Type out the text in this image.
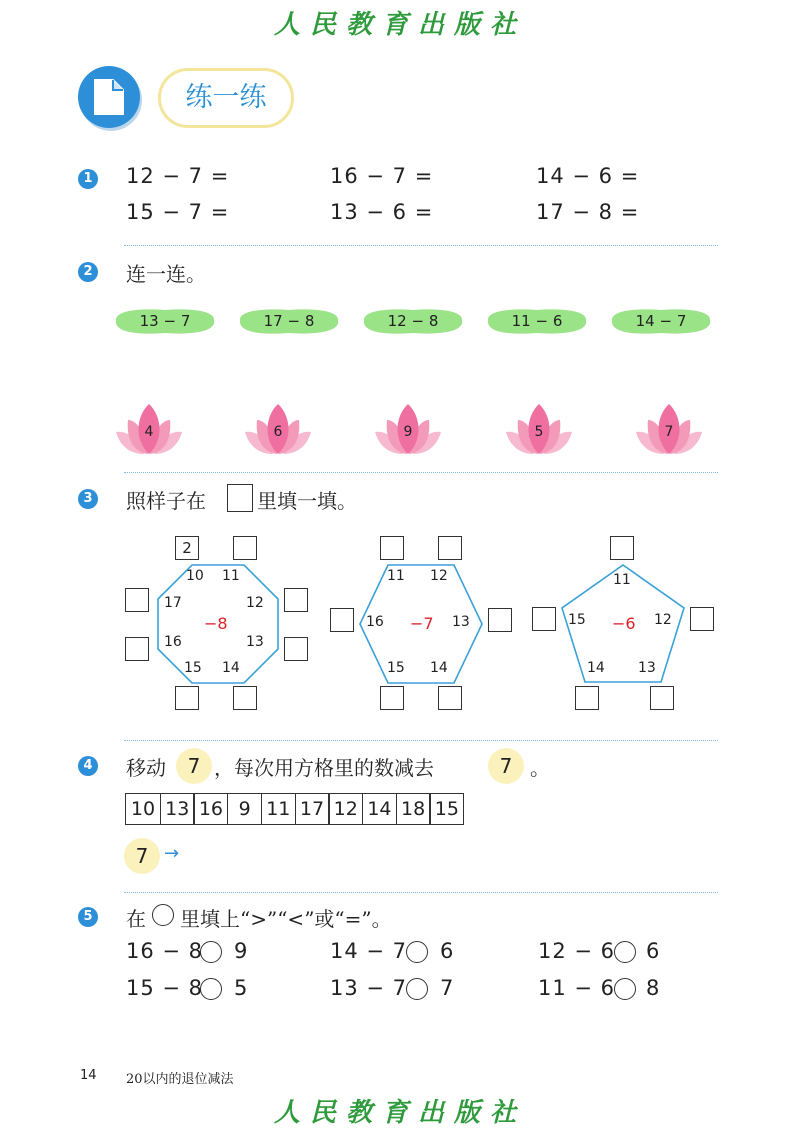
人民教育出版社
练一练
1 12 − 7 =	16 − 7 =	14 − 6 =
15 − 7 =	13 − 6 =	17 − 8 =
2 连一连。
13 − 7	17 − 8	12 − 8	11 − 6	14 − 7
4	6	9	5	7
3 照样子在	里填一填。
10 11
12
13
14
15
16
17
−8
2
11 12
13
14
15
16 −7
11
12
13
14
15 −6
4 移动	7 ，每次用方格里的数减去	7 。
10 13 16 9 11 17 12 14 18 15
7 →
5 在 里填上“>”“<”或“=”。
16 − 8 9	14 − 7 6	12 − 6 6
15 − 8 5	13 − 7 7	11 − 6 8
14 20以内的退位减法
人民教育出版社
